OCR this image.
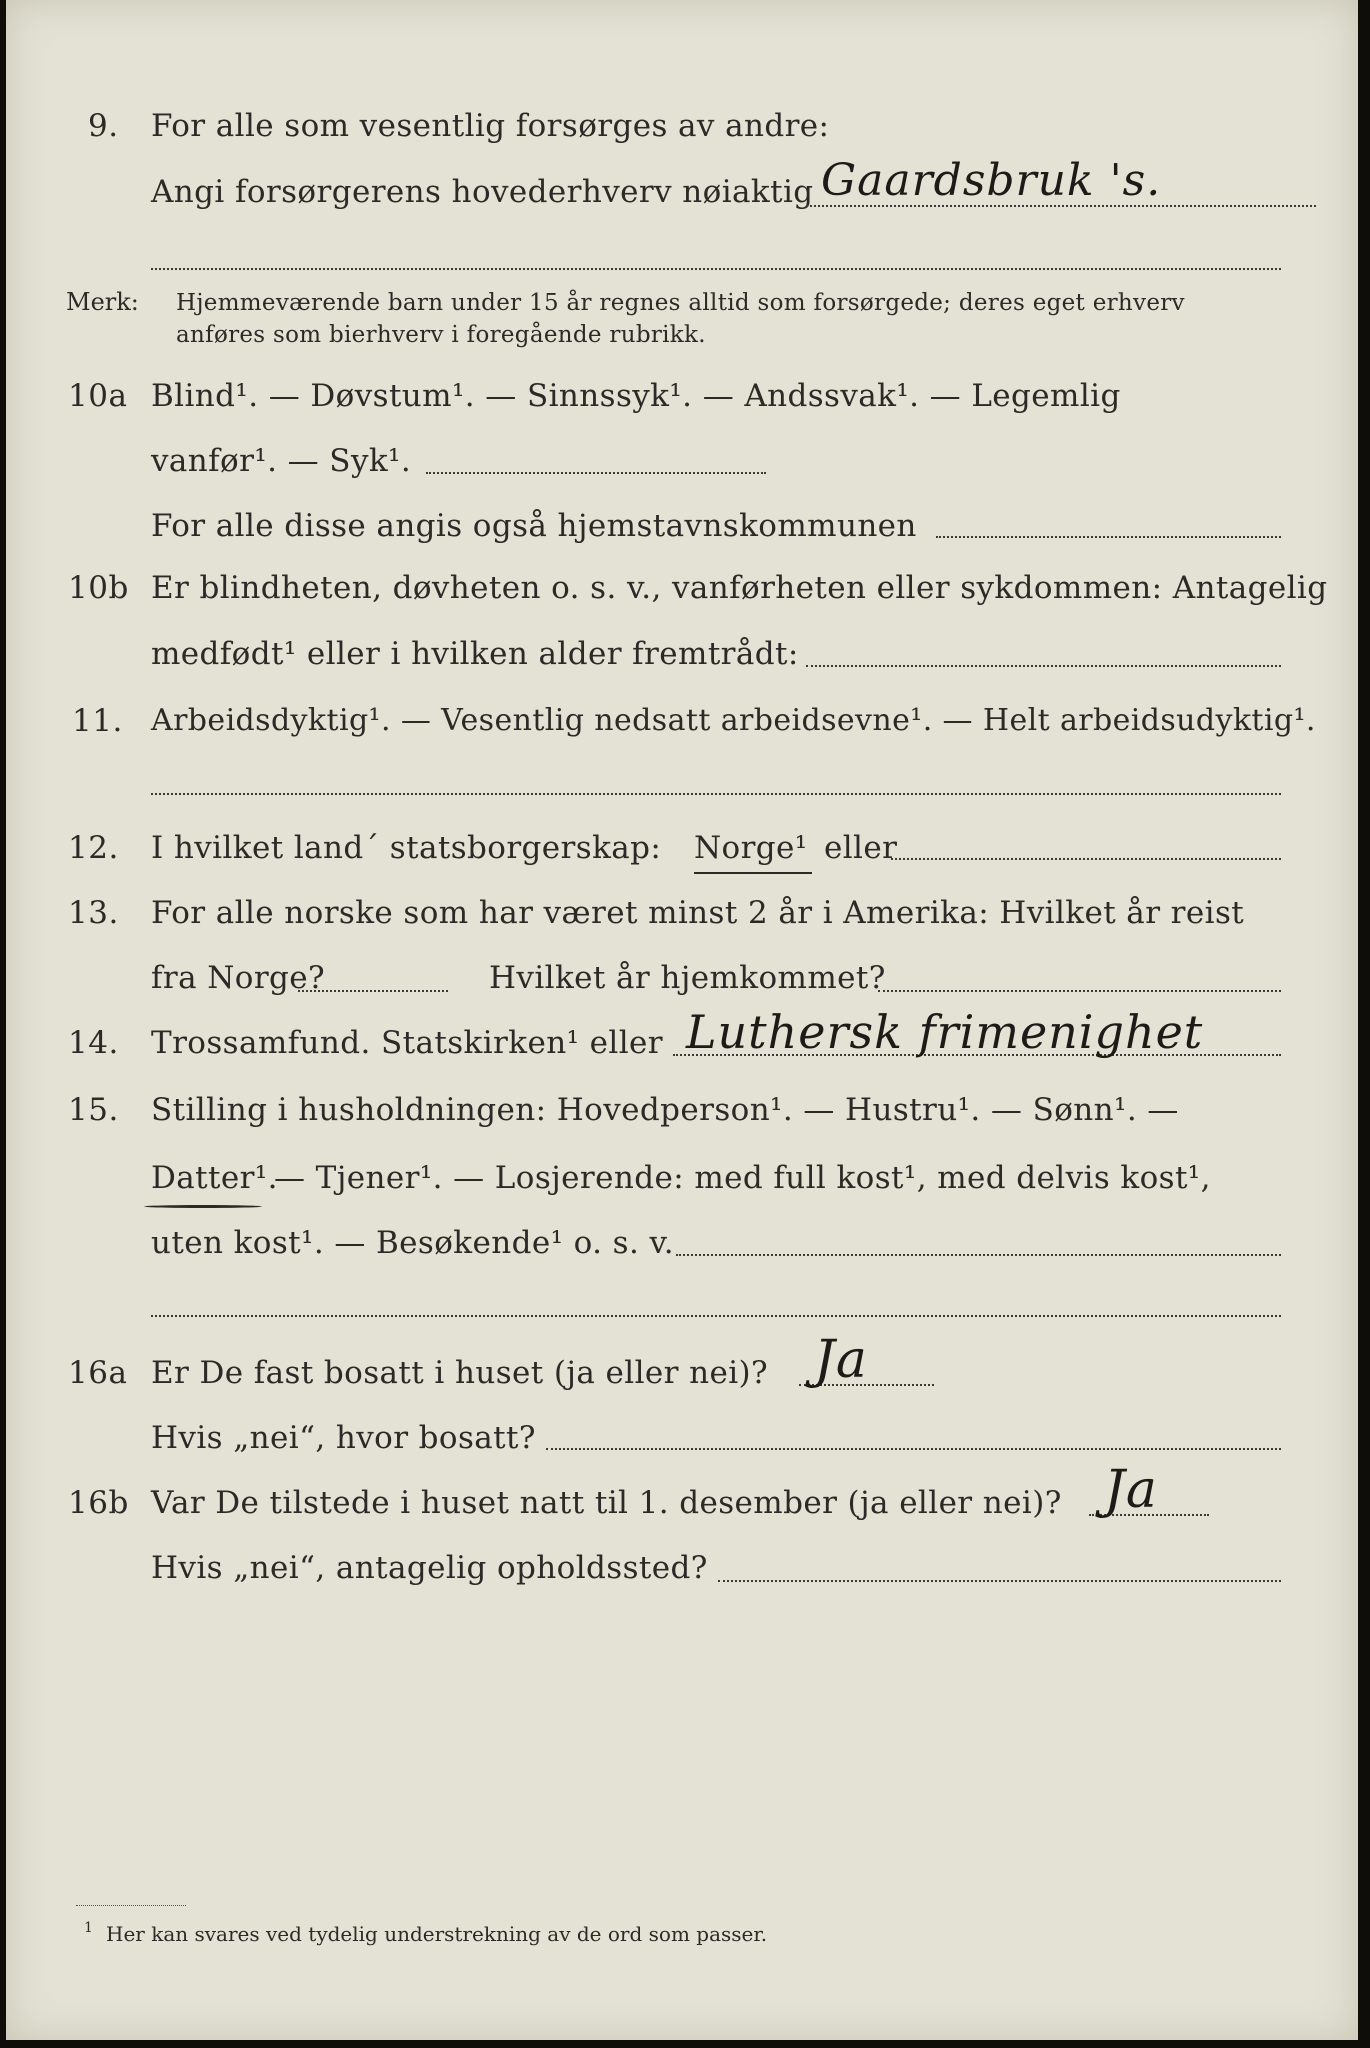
9. For alle som vesentlig forsørges av andre:
Angi forsørgerens hovederhverv nøiaktig Gaardsbruk 's.
Merk: Hjemmeværende barn under 15 år regnes alltid som forsørgede; deres eget erhverv
anføres som bierhverv i foregående rubrikk.
10a Blind¹. — Døvstum¹. — Sinnssyk¹. — Andssvak¹. — Legemlig
vanfør¹. — Syk¹.
For alle disse angis også hjemstavnskommunen
10b Er blindheten, døvheten o. s. v., vanførheten eller sykdommen: Antagelig
medfødt¹ eller i hvilken alder fremtrådt:
11. Arbeidsdyktig¹. — Vesentlig nedsatt arbeidsevne¹. — Helt arbeidsudyktig¹.
12. I hvilket land´ statsborgerskap: Norge¹ eller
13. For alle norske som har været minst 2 år i Amerika: Hvilket år reist
fra Norge?	Hvilket år hjemkommet?
14. Trossamfund. Statskirken¹ eller Luthersk frimenighet
15. Stilling i husholdningen: Hovedperson¹. — Hustru¹. — Sønn¹. —
Datter¹.
— Tjener¹. — Losjerende: med full kost¹, med delvis kost¹,
uten kost¹. — Besøkende¹ o. s. v.
16a Er De fast bosatt i huset (ja eller nei)? Ja
Hvis „nei“, hvor bosatt?
16b Var De tilstede i huset natt til 1. desember (ja eller nei)? Ja
Hvis „nei“, antagelig opholdssted?
1 Her kan svares ved tydelig understrekning av de ord som passer.
